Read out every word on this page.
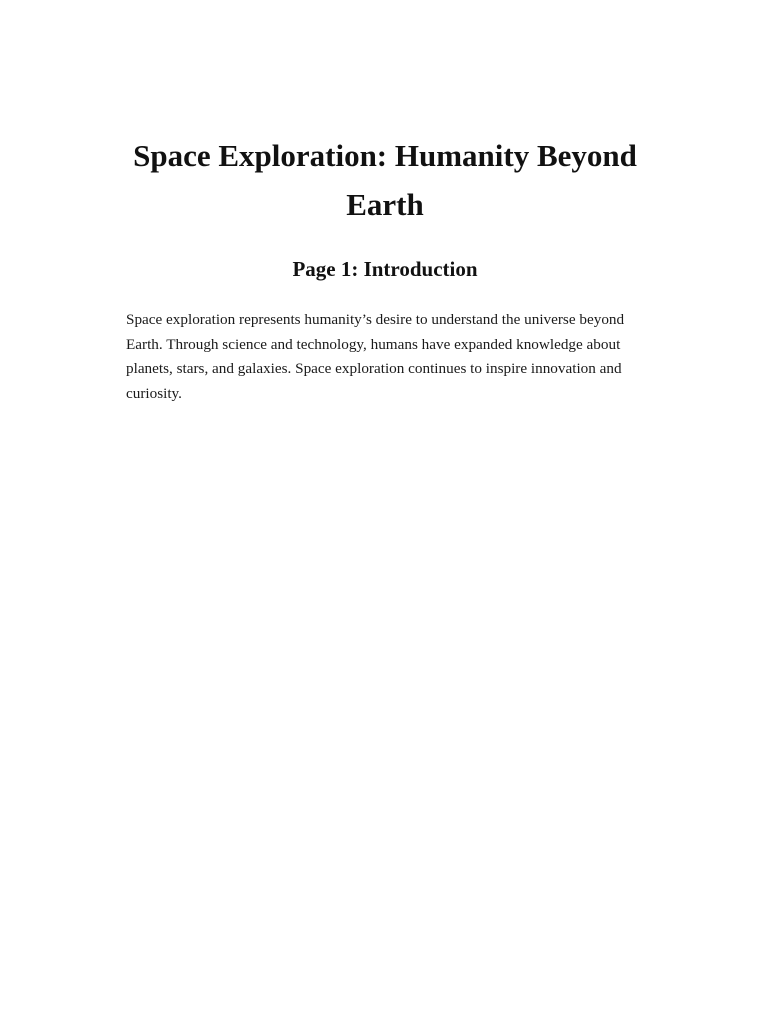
Space Exploration: Humanity Beyond Earth
Page 1: Introduction

Space exploration represents humanity’s desire to understand the universe beyond Earth. Through science and technology, humans have expanded knowledge about planets, stars, and galaxies. Space exploration continues to inspire innovation and curiosity.
